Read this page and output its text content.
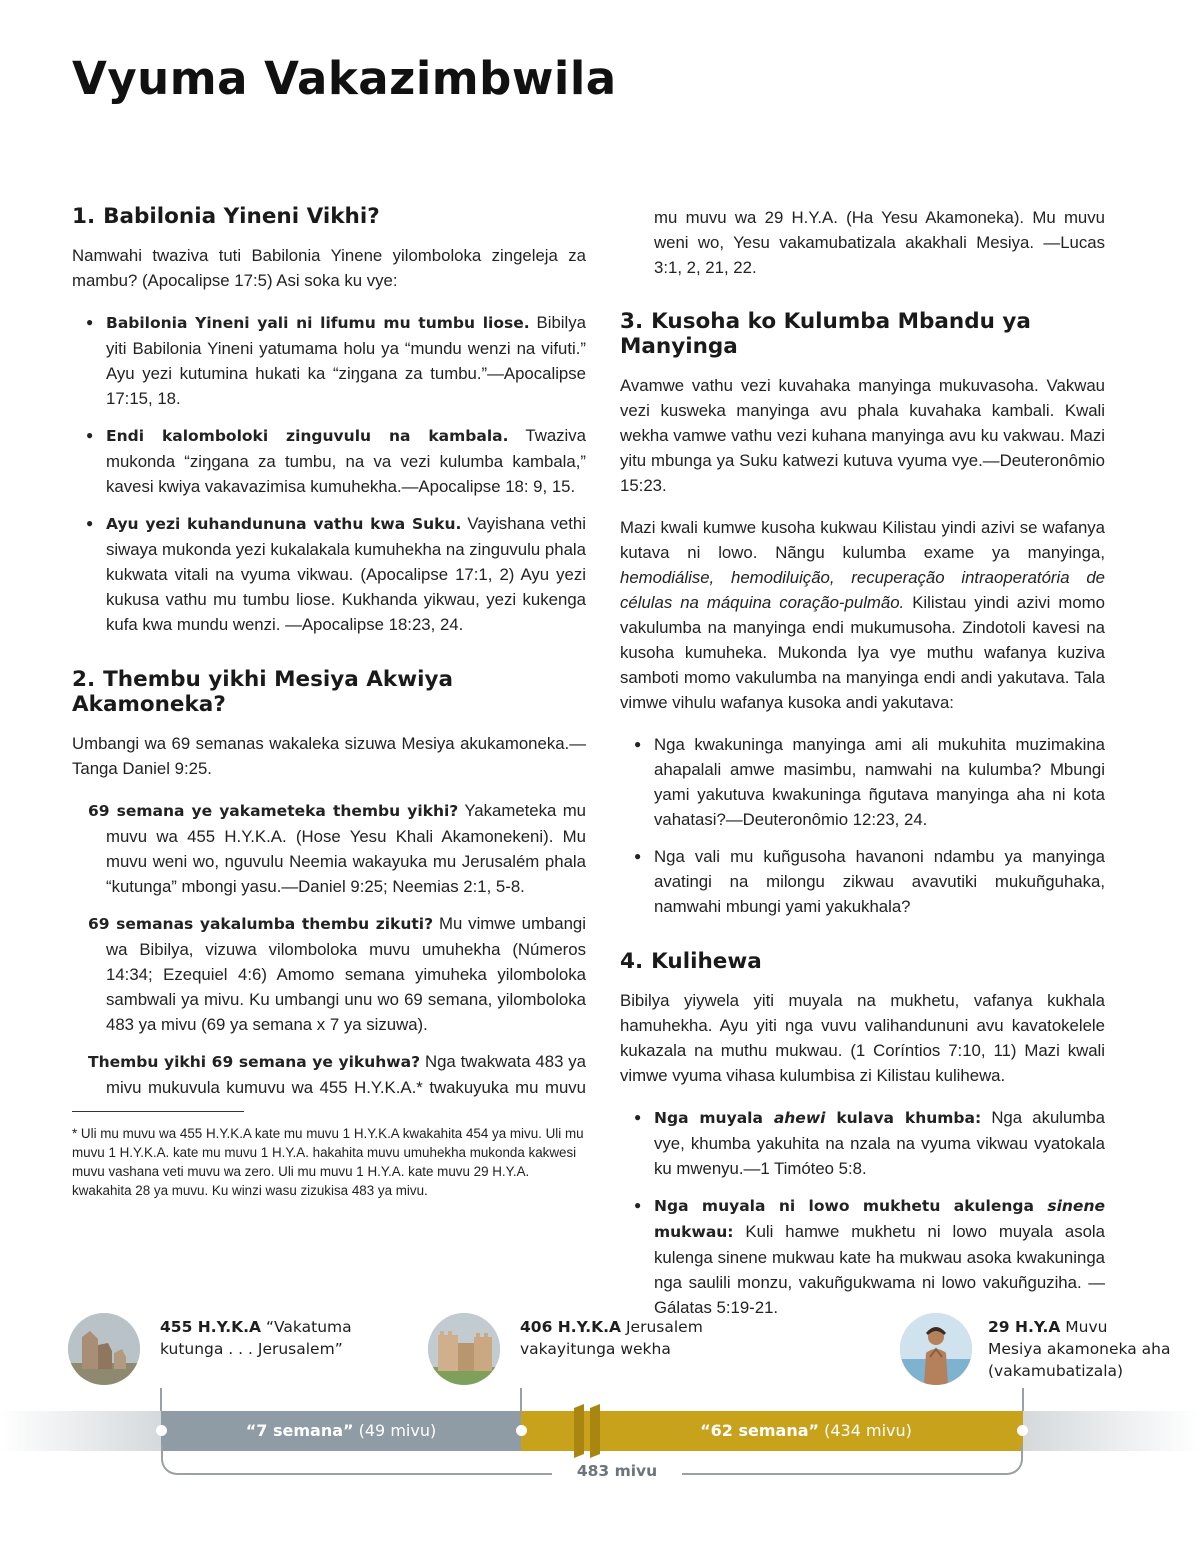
Vyuma Vakazimbwila
1. Babilonia Yineni Vikhi?

Namwahi twaziva tuti Babilonia Yinene yilomboloka zingeleja za mambu? (Apocalipse 17:5) Asi soka ku vye:

● Babilonia Yineni yali ni lifumu mu tumbu liose. Bibilya yiti Babilonia Yineni yatumama holu ya “mundu wenzi na vifuti.” Ayu yezi kutumina hukati ka “ziŋgana za tumbu.”—Apocalipse 17:15, 18.
● Endi kalomboloki zinguvulu na kambala. Twaziva mukonda “ziŋgana za tumbu, na va vezi kulumba kambala,” kavesi kwiya vakavazimisa kumuhekha.—Apocalipse 18: 9, 15.
● Ayu yezi kuhandununa vathu kwa Suku. Vayishana vethi siwaya mukonda yezi kukalakala kumuhekha na zinguvulu phala kukwata vitali na vyuma vikwau. (Apocalipse 17:1, 2) Ayu yezi kukusa vathu mu tumbu liose. Kukhanda yikwau, yezi kukenga kufa kwa mundu wenzi. —Apocalipse 18:23, 24.
2. Thembu yikhi Mesiya Akwiya Akamoneka?

Umbangi wa 69 semanas wakaleka sizuwa Mesiya akukamoneka.—Tanga Daniel 9:25.

69 semana ye yakameteka thembu yikhi? Yakameteka mu muvu wa 455 H.Y.K.A. (Hose Yesu Khali Akamonekeni). Mu muvu weni wo, nguvulu Neemia wakayuka mu Jerusalém phala “kutunga” mbongi yasu.—Daniel 9:25; Neemias 2:1, 5-8.

69 semanas yakalumba thembu zikuti? Mu vimwe umbangi wa Bibilya, vizuwa vilomboloka muvu umuhekha (Números 14:34; Ezequiel 4:6) Amomo semana yimuheka yilomboloka sambwali ya mivu. Ku umbangi unu wo 69 semana, yilomboloka 483 ya mivu (69 ya semana x 7 ya sizuwa).

Thembu yikhi 69 semana ye yikuhwa? Nga twakwata 483 ya mivu mukuvula kumuvu wa 455 H.Y.K.A.* twakuyuka mu muvu

* Uli mu muvu wa 455 H.Y.K.A kate mu muvu 1 H.Y.K.A kwakahita 454 ya mivu. Uli mu muvu 1 H.Y.K.A. kate mu muvu 1 H.Y.A. hakahita muvu umuhekha mukonda kakwesi muvu vashana veti muvu wa zero. Uli mu muvu 1 H.Y.A. kate muvu 29 H.Y.A. kwakahita 28 ya muvu. Ku winzi wasu zizukisa 483 ya mivu.

mu muvu wa 29 H.Y.A. (Ha Yesu Akamoneka). Mu muvu weni wo, Yesu vakamubatizala akakhali Mesiya. —Lucas 3:1, 2, 21, 22.

3. Kusoha ko Kulumba Mbandu ya Manyinga

Avamwe vathu vezi kuvahaka manyinga mukuvasoha. Vakwau vezi kusweka manyinga avu phala kuvahaka kambali. Kwali wekha vamwe vathu vezi kuhana manyinga avu ku vakwau. Mazi yitu mbunga ya Suku katwezi kutuva vyuma vye.—Deuteronômio 15:23.

Mazi kwali kumwe kusoha kukwau Kilistau yindi azivi se wafanya kutava ni lowo. Nãngu kulumba exame ya manyinga, hemodiálise, hemodiluição, recuperação intraoperatória de células na máquina coração-pulmão. Kilistau yindi azivi momo vakulumba na manyinga endi mukumusoha. Zindotoli kavesi na kusoha kumuheka. Mukonda lya vye muthu wafanya kuziva samboti momo vakulumba na manyinga endi andi yakutava. Tala vimwe vihulu wafanya kusoka andi yakutava:

● Nga kwakuninga manyinga ami ali mukuhita muzimakina ahapalali amwe masimbu, namwahi na kulumba? Mbungi yami yakutuva kwakuninga ñgutava manyinga aha ni kota vahatasi?—Deuteronômio 12:23, 24.
● Nga vali mu kuñgusoha havanoni ndambu ya manyinga avatingi na milongu zikwau avavutiki mukuñguhaka, namwahi mbungi yami yakukhala?
4. Kulihewa

Bibilya yiywela yiti muyala na mukhetu, vafanya kukhala hamuhekha. Ayu yiti nga vuvu valihandununi avu kavatokelele kukazala na muthu mukwau. (1 Coríntios 7:10, 11) Mazi kwali vimwe vyuma vihasa kulumbisa zi Kilistau kulihewa.

● Nga muyala ahewi kulava khumba: Nga akulumba vye, khumba yakuhita na nzala na vyuma vikwau vyatokala ku mwenyu.—1 Timóteo 5:8.
● Nga muyala ni lowo mukhetu akulenga sinene mukwau: Kuli hamwe mukhetu ni lowo muyala asola kulenga sinene mukwau kate ha mukwau asoka kwakuninga nga saulili monzu, vakuñgukwama ni lowo vakuñguziha. —Gálatas 5:19-21.
455 H.Y.K.A “Vakatuma
kutunga . . . Jerusalem”
406 H.Y.K.A Jerusalem
vakayitunga wekha
29 H.Y.A Muvu
Mesiya akamoneka aha
(vakamubatizala)
“7 semana” (49 mivu)	“62 semana” (434 mivu)
483 mivu
